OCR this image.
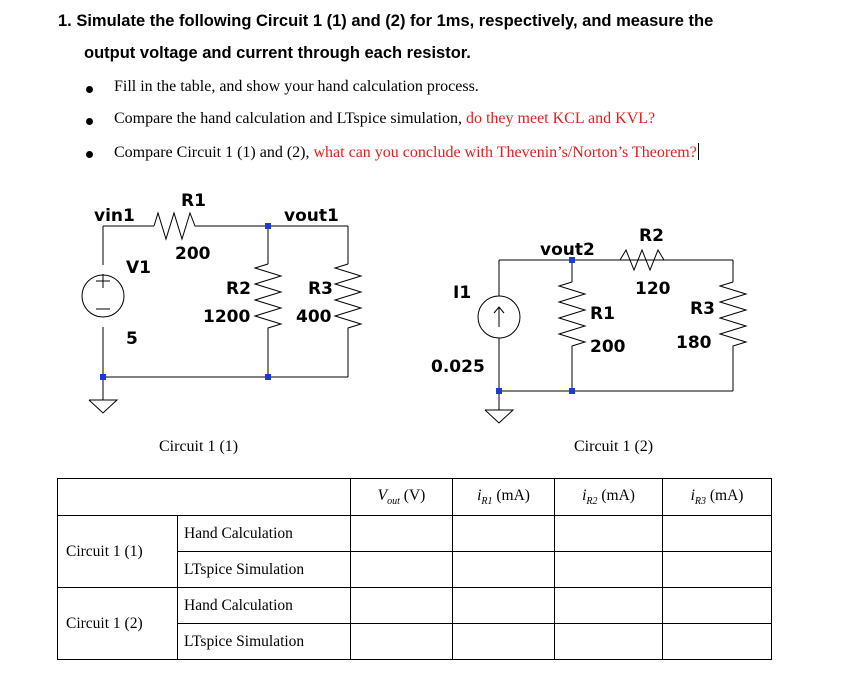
1. Simulate the following Circuit 1 (1) and (2) for 1ms, respectively, and measure the
output voltage and current through each resistor.
Fill in the table, and show your hand calculation process.
Compare the hand calculation and LTspice simulation, do they meet KCL and KVL?
Compare Circuit 1 (1) and (2), what can you conclude with Thevenin’s/Norton’s Theorem?
vin1
R1
200
vout1
V1
5
R2
1200
R3
400
vout2
R2
120
I1
0.025
R1
200
R3
180
Circuit 1 (1)	Circuit 1 (2)
		$V_{out}$ (V)	$i_{R1}$ (mA)	$i_{R2}$ (mA)	$i_{R3}$ (mA)
Circuit 1 (1)	Hand Calculation				
	LTspice Simulation				
Circuit 1 (2)	Hand Calculation				
	LTspice Simulation				
